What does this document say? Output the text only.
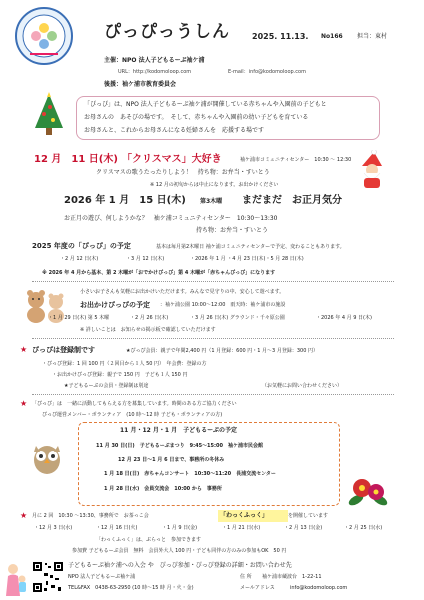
ぴっぴっうしん	2025. 11.13. No166 担当：東村
主催：NPO 法人子どもるーぷ袖ケ浦
URL：http://kodomoloop.com	E-mail：info@kodomoloop.com
後援：袖ケ浦市教育委員会
「ぴっぴ」は、NPO 法人子どもるーぷ袖ケ浦が開催している赤ちゃんや入園前の子どもと
お母さんの　あそびの場です。　そして、赤ちゃんや入園前の幼い子どもを育ている
お母さんと、これからお母さんになる妊婦さんを　応援する場です
12 月　11 日(木) 「クリスマス」大好き	袖ケ浦市コミュニティセンター　10:30 ～ 12:30
クリスマスの歌うたったりしよう！　持ち物：お弁当・すいとう
※ 12 月の初旬からは中止になります。お出かけください
2026 年 1 月　15 日(木) 第3木曜 まだまだ　お正月気分
お正月の遊び、何しようかな？　袖ケ浦コミュニティセンター　10:30～13:30
持ち物：お弁当・すいとう
2025 年度の「ぴっぴ」の予定	基本は毎月第2木曜日 袖ケ浦コミュニティセンターで予定、変わることもあります。
・2 月 12 日(木)	・3 月 12 日(木)	・2026 年 1 月 ・4 月 23 日(木)・5 月 28 日(木)
※ 2026 年 4 月から基本、第 2 木曜が「おでかけぴっぴ」第 4 木曜が「赤ちゃんぴっぴ」になります
小さいお子さんも気軽にお出かけいただけます。みんなで見守りの中、安心して遊べます。
お出かけぴっぴの予定 ：袖ケ浦公園 10:00～12:00　雨天時：袖ケ浦市の施設
・1 月 29 日(木) 第 5 木曜	・2 月 26 日(木)	・3 月 26 日(木) グラウンド・千々原公園	・2026 年 4 月 9 日(木)
※ 詳しいことは　お知らせの掲示板で確認していただけます
★ ぴっぴは登録制です	★ぴっぴ会員：親子で年間2,400 円（1 月登録：600 円・1 月～3 月登録：300 円）
・ぴっぴ登録：1 回 100 円（２回目から１人 50 円）　年会費：登録の方
・お出かけぴっぴ登録：親子で 150 円　子ども１人 150 円
★子どもるーぷの会員・登録制は別途	（お気軽にお問い合わせください）
★ 「ぴっぴ」は　一緒に活動してもらえる方を募集しています。時間のある方ご協力ください
ぴっぴ運営メンバー・ボランティア　(10 時～12 時 子ども・ボランティアの方)
11 月・12 月・1 月　子どもるーぷの予定
11 月 30 日(日)　子どもるーぷまつり　9:45～15:00　袖ケ浦市民会館
12 月 23 日～1 月 6 日まで、事務所の冬休み
1 月 18 日(日)　赤ちゃんコンサート　10:30～11:20　長浦交流センター
1 月 28 日(水)　会員交流会　10:00 から　事務所
★ 月に 2 回　10:30 ～13:30、事務所で　お茶っこ会	「わっくふっく」	を開催しています
・12 月 3 日(水)	・12 月 16 日(火)	・1 月 9 日(金)	・1 月 21 日(水)	・2 月 13 日(金)	・2 月 25 日(水)
「わっくふっく」は、ぶらっと　参加できます
参加費 子どもるーぷ会員　無料　会員外大人 100 円・子ども同伴の方のみの参加もOK　50 円
子どもるーぷ袖ケ浦への入会 や　ぴっぴ参加・ぴっぴ登録の詳細・お問い合わせ先
NPO 法人子どもるーぷ袖ケ浦
TEL&FAX　0438-63-2950 (10 時～15 時 月・火・金)
住 所 袖ケ浦市蔵波台　1-22-11
メールアドレス	info@kodomoloop.com
